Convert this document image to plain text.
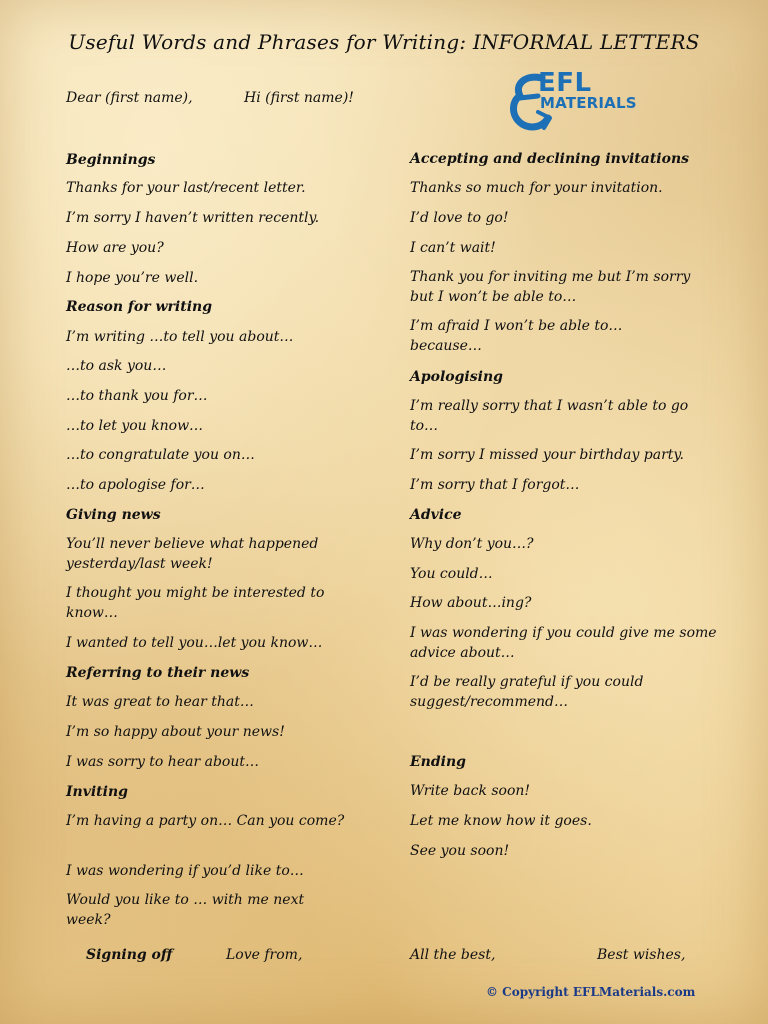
Useful Words and Phrases for Writing: INFORMAL LETTERS
Dear (first name),	Hi (first name)!	EFL
MATERIALS
Beginnings
Thanks for your last/recent letter.
I’m sorry I haven’t written recently.
How are you?
I hope you’re well.
Reason for writing
I’m writing …to tell you about…
…to ask you…
…to thank you for…
…to let you know…
…to congratulate you on…
…to apologise for…
Giving news
You’ll never believe what happened yesterday/last week!
I thought you might be interested to know…
I wanted to tell you…let you know…
Referring to their news
It was great to hear that…
I’m so happy about your news!
I was sorry to hear about…
Inviting
I’m having a party on… Can you come?
I was wondering if you’d like to…
Would you like to … with me next week?
Accepting and declining invitations
Thanks so much for your invitation.
I’d love to go!
I can’t wait!
Thank you for inviting me but I’m sorry but I won’t be able to…
I’m afraid I won’t be able to… because…
Apologising
I’m really sorry that I wasn’t able to go to…
I’m sorry I missed your birthday party.
I’m sorry that I forgot…
Advice
Why don’t you…?
You could…
How about…ing?
I was wondering if you could give me some advice about…
I’d be really grateful if you could suggest/recommend…
Ending
Write back soon!
Let me know how it goes.
See you soon!
Signing off	Love from,	All the best,	Best wishes,
© Copyright EFLMaterials.com
